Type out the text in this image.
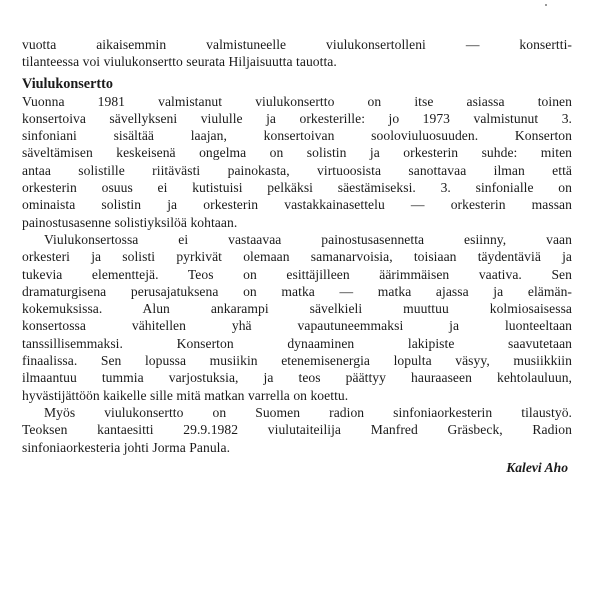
vuotta aikaisemmin valmistuneelle viulukonsertolleni — konsertti-
tilanteessa voi viulukonsertto seurata Hiljaisuutta tauotta.

Viulukonsertto

Vuonna 1981 valmistanut viulukonsertto on itse asiassa toinen
konsertoiva sävellykseni viululle ja orkesterille: jo 1973 valmistunut 3.
sinfoniani sisältää laajan, konsertoivan sooloviuluosuuden. Konserton
säveltämisen keskeisenä ongelma on solistin ja orkesterin suhde: miten
antaa solistille riitävästi painokasta, virtuoosista sanottavaa ilman että
orkesterin osuus ei kutistuisi pelkäksi säestämiseksi. 3. sinfonialle on
ominaista solistin ja orkesterin vastakkainasettelu — orkesterin massan
painostusasenne solistiyksilöä kohtaan.

Viulukonsertossa ei vastaavaa painostusasennetta esiinny, vaan
orkesteri ja solisti pyrkivät olemaan samanarvoisia, toisiaan täydentäviä ja
tukevia elementtejä. Teos on esittäjilleen äärimmäisen vaativa. Sen
dramaturgisena perusajatuksena on matka — matka ajassa ja elämän-
kokemuksissa. Alun ankarampi sävelkieli muuttuu kolmiosaisessa
konsertossa vähitellen yhä vapautuneemmaksi ja luonteeltaan
tanssillisemmaksi. Konserton dynaaminen lakipiste saavutetaan
finaalissa. Sen lopussa musiikin etenemisenergia lopulta väsyy, musiikkiin
ilmaantuu tummia varjostuksia, ja teos päättyy hauraaseen kehtolauluun,
hyvästijättöön kaikelle sille mitä matkan varrella on koettu.

Myös viulukonsertto on Suomen radion sinfoniaorkesterin tilaustyö.
Teoksen kantaesitti 29.9.1982 viulutaiteilija Manfred Gräsbeck, Radion
sinfoniaorkesteria johti Jorma Panula.

Kalevi Aho
